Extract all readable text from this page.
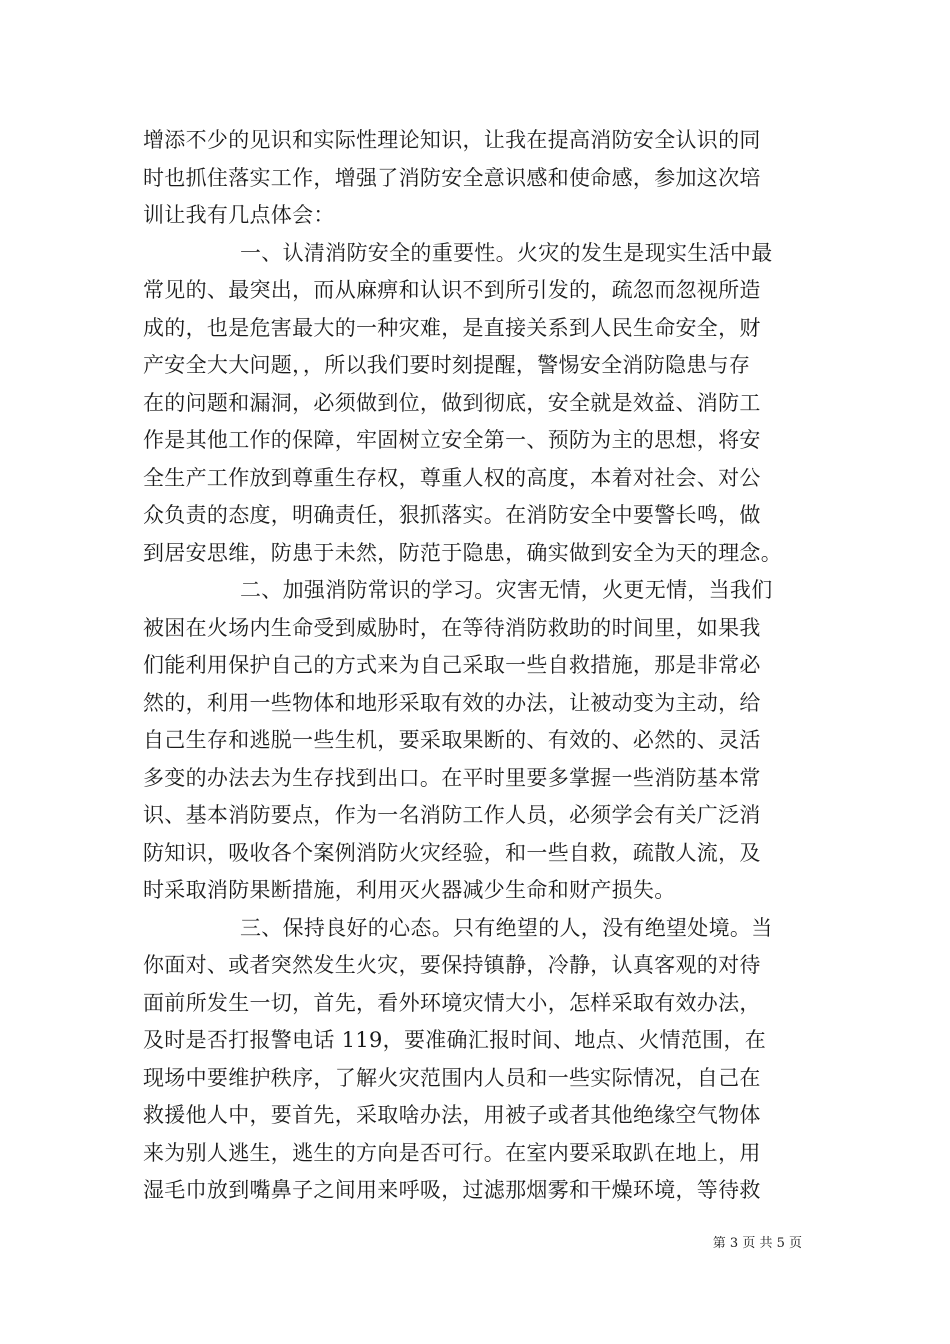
增添不少的见识和实际性理论知识，让我在提高消防安全认识的同
时也抓住落实工作，增强了消防安全意识感和使命感，参加这次培
训让我有几点体会：
一、认清消防安全的重要性。火灾的发生是现实生活中最
常见的、最突出，而从麻痹和认识不到所引发的，疏忽而忽视所造
成的，也是危害最大的一种灾难，是直接关系到人民生命安全，财
产安全大大问题，，所以我们要时刻提醒，警惕安全消防隐患与存
在的问题和漏洞，必须做到位，做到彻底，安全就是效益、消防工
作是其他工作的保障，牢固树立安全第一、预防为主的思想，将安
全生产工作放到尊重生存权，尊重人权的高度，本着对社会、对公
众负责的态度，明确责任，狠抓落实。在消防安全中要警长鸣，做
到居安思维，防患于未然，防范于隐患，确实做到安全为天的理念。
二、加强消防常识的学习。灾害无情，火更无情，当我们
被困在火场内生命受到威胁时，在等待消防救助的时间里，如果我
们能利用保护自己的方式来为自己采取一些自救措施，那是非常必
然的，利用一些物体和地形采取有效的办法，让被动变为主动，给
自己生存和逃脱一些生机，要采取果断的、有效的、必然的、灵活
多变的办法去为生存找到出口。在平时里要多掌握一些消防基本常
识、基本消防要点，作为一名消防工作人员，必须学会有关广泛消
防知识，吸收各个案例消防火灾经验，和一些自救，疏散人流，及
时采取消防果断措施，利用灭火器减少生命和财产损失。
三、保持良好的心态。只有绝望的人，没有绝望处境。当
你面对、或者突然发生火灾，要保持镇静，冷静，认真客观的对待
面前所发生一切，首先，看外环境灾情大小，怎样采取有效办法，
及时是否打报警电话 119，要准确汇报时间、地点、火情范围，在
现场中要维护秩序，了解火灾范围内人员和一些实际情况，自己在
救援他人中，要首先，采取啥办法，用被子或者其他绝缘空气物体
来为别人逃生，逃生的方向是否可行。在室内要采取趴在地上，用
湿毛巾放到嘴鼻子之间用来呼吸，过滤那烟雾和干燥环境，等待救
第 3 页 共 5 页
